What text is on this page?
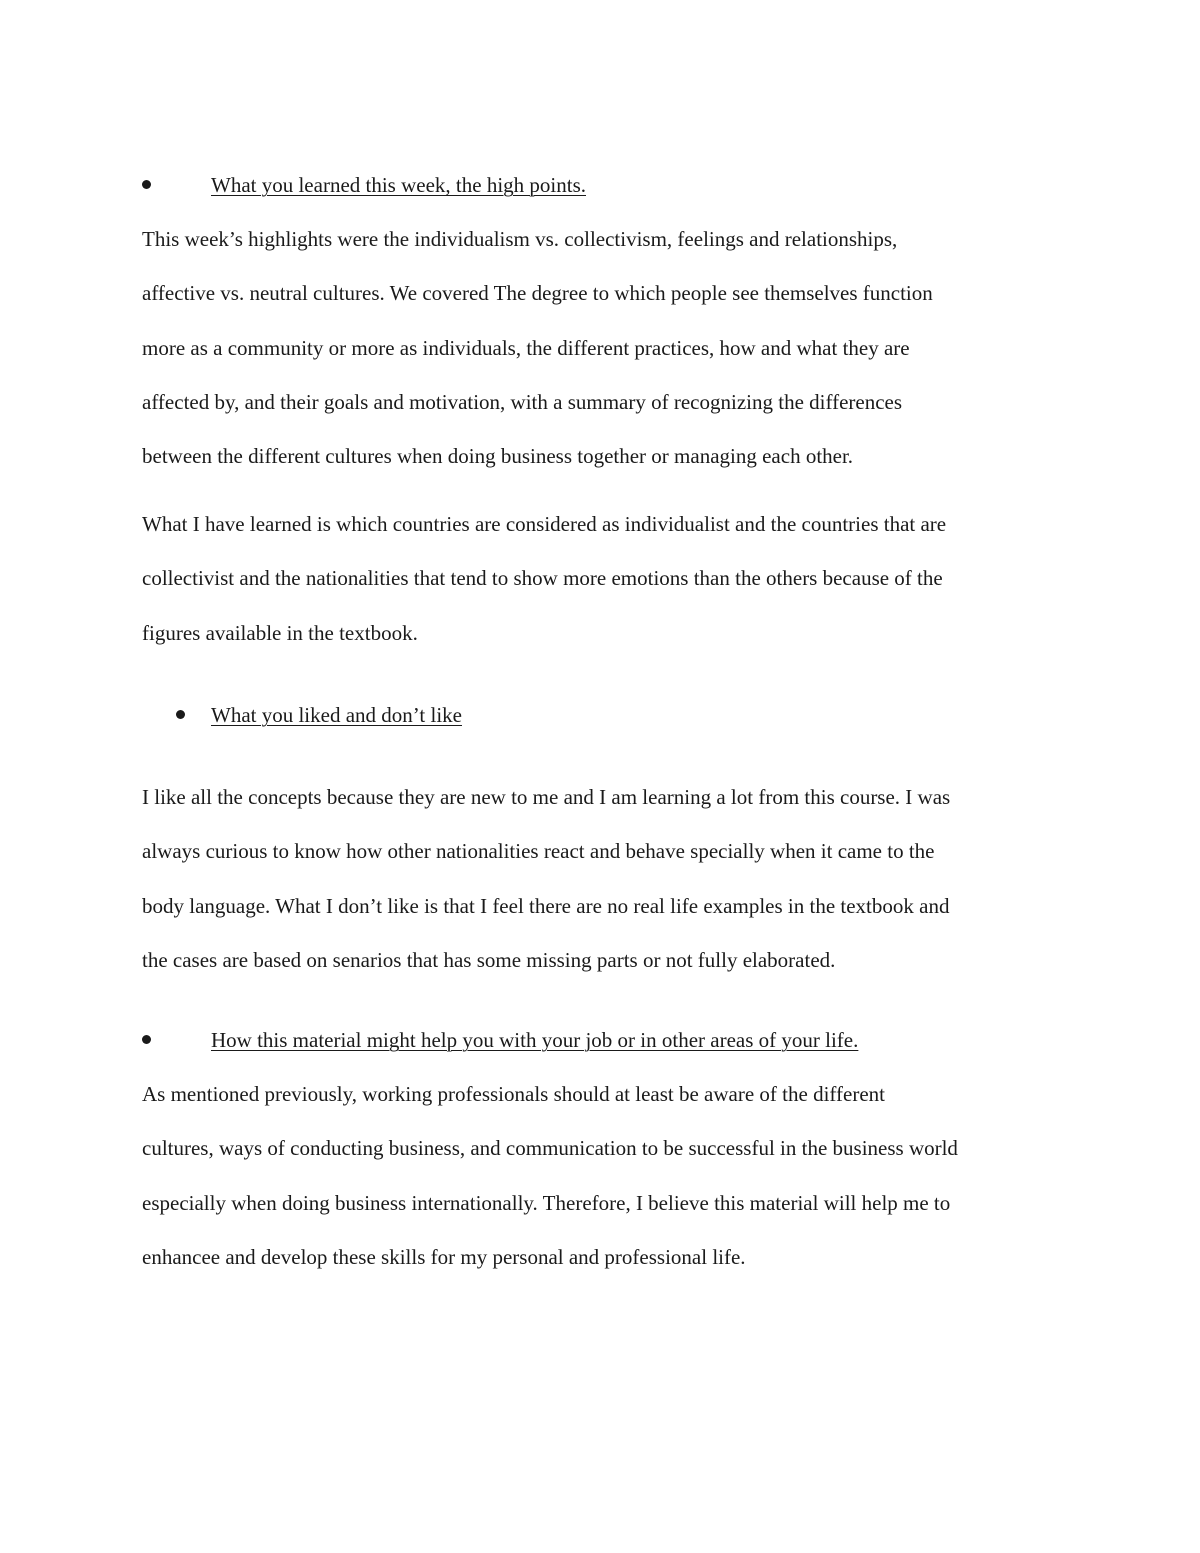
What you learned this week, the high points.
This week’s highlights were the individualism vs. collectivism, feelings and relationships,
affective vs. neutral cultures. We covered The degree to which people see themselves function
more as a community or more as individuals, the different practices, how and what they are
affected by, and their goals and motivation, with a summary of recognizing the differences
between the different cultures when doing business together or managing each other.
What I have learned is which countries are considered as individualist and the countries that are
collectivist and the nationalities that tend to show more emotions than the others because of the
figures available in the textbook.
What you liked and don’t like
I like all the concepts because they are new to me and I am learning a lot from this course. I was
always curious to know how other nationalities react and behave specially when it came to the
body language. What I don’t like is that I feel there are no real life examples in the textbook and
the cases are based on senarios that has some missing parts or not fully elaborated.
How this material might help you with your job or in other areas of your life.
As mentioned previously, working professionals should at least be aware of the different
cultures, ways of conducting business, and communication to be successful in the business world
especially when doing business internationally. Therefore, I believe this material will help me to
enhancee and develop these skills for my personal and professional life.
